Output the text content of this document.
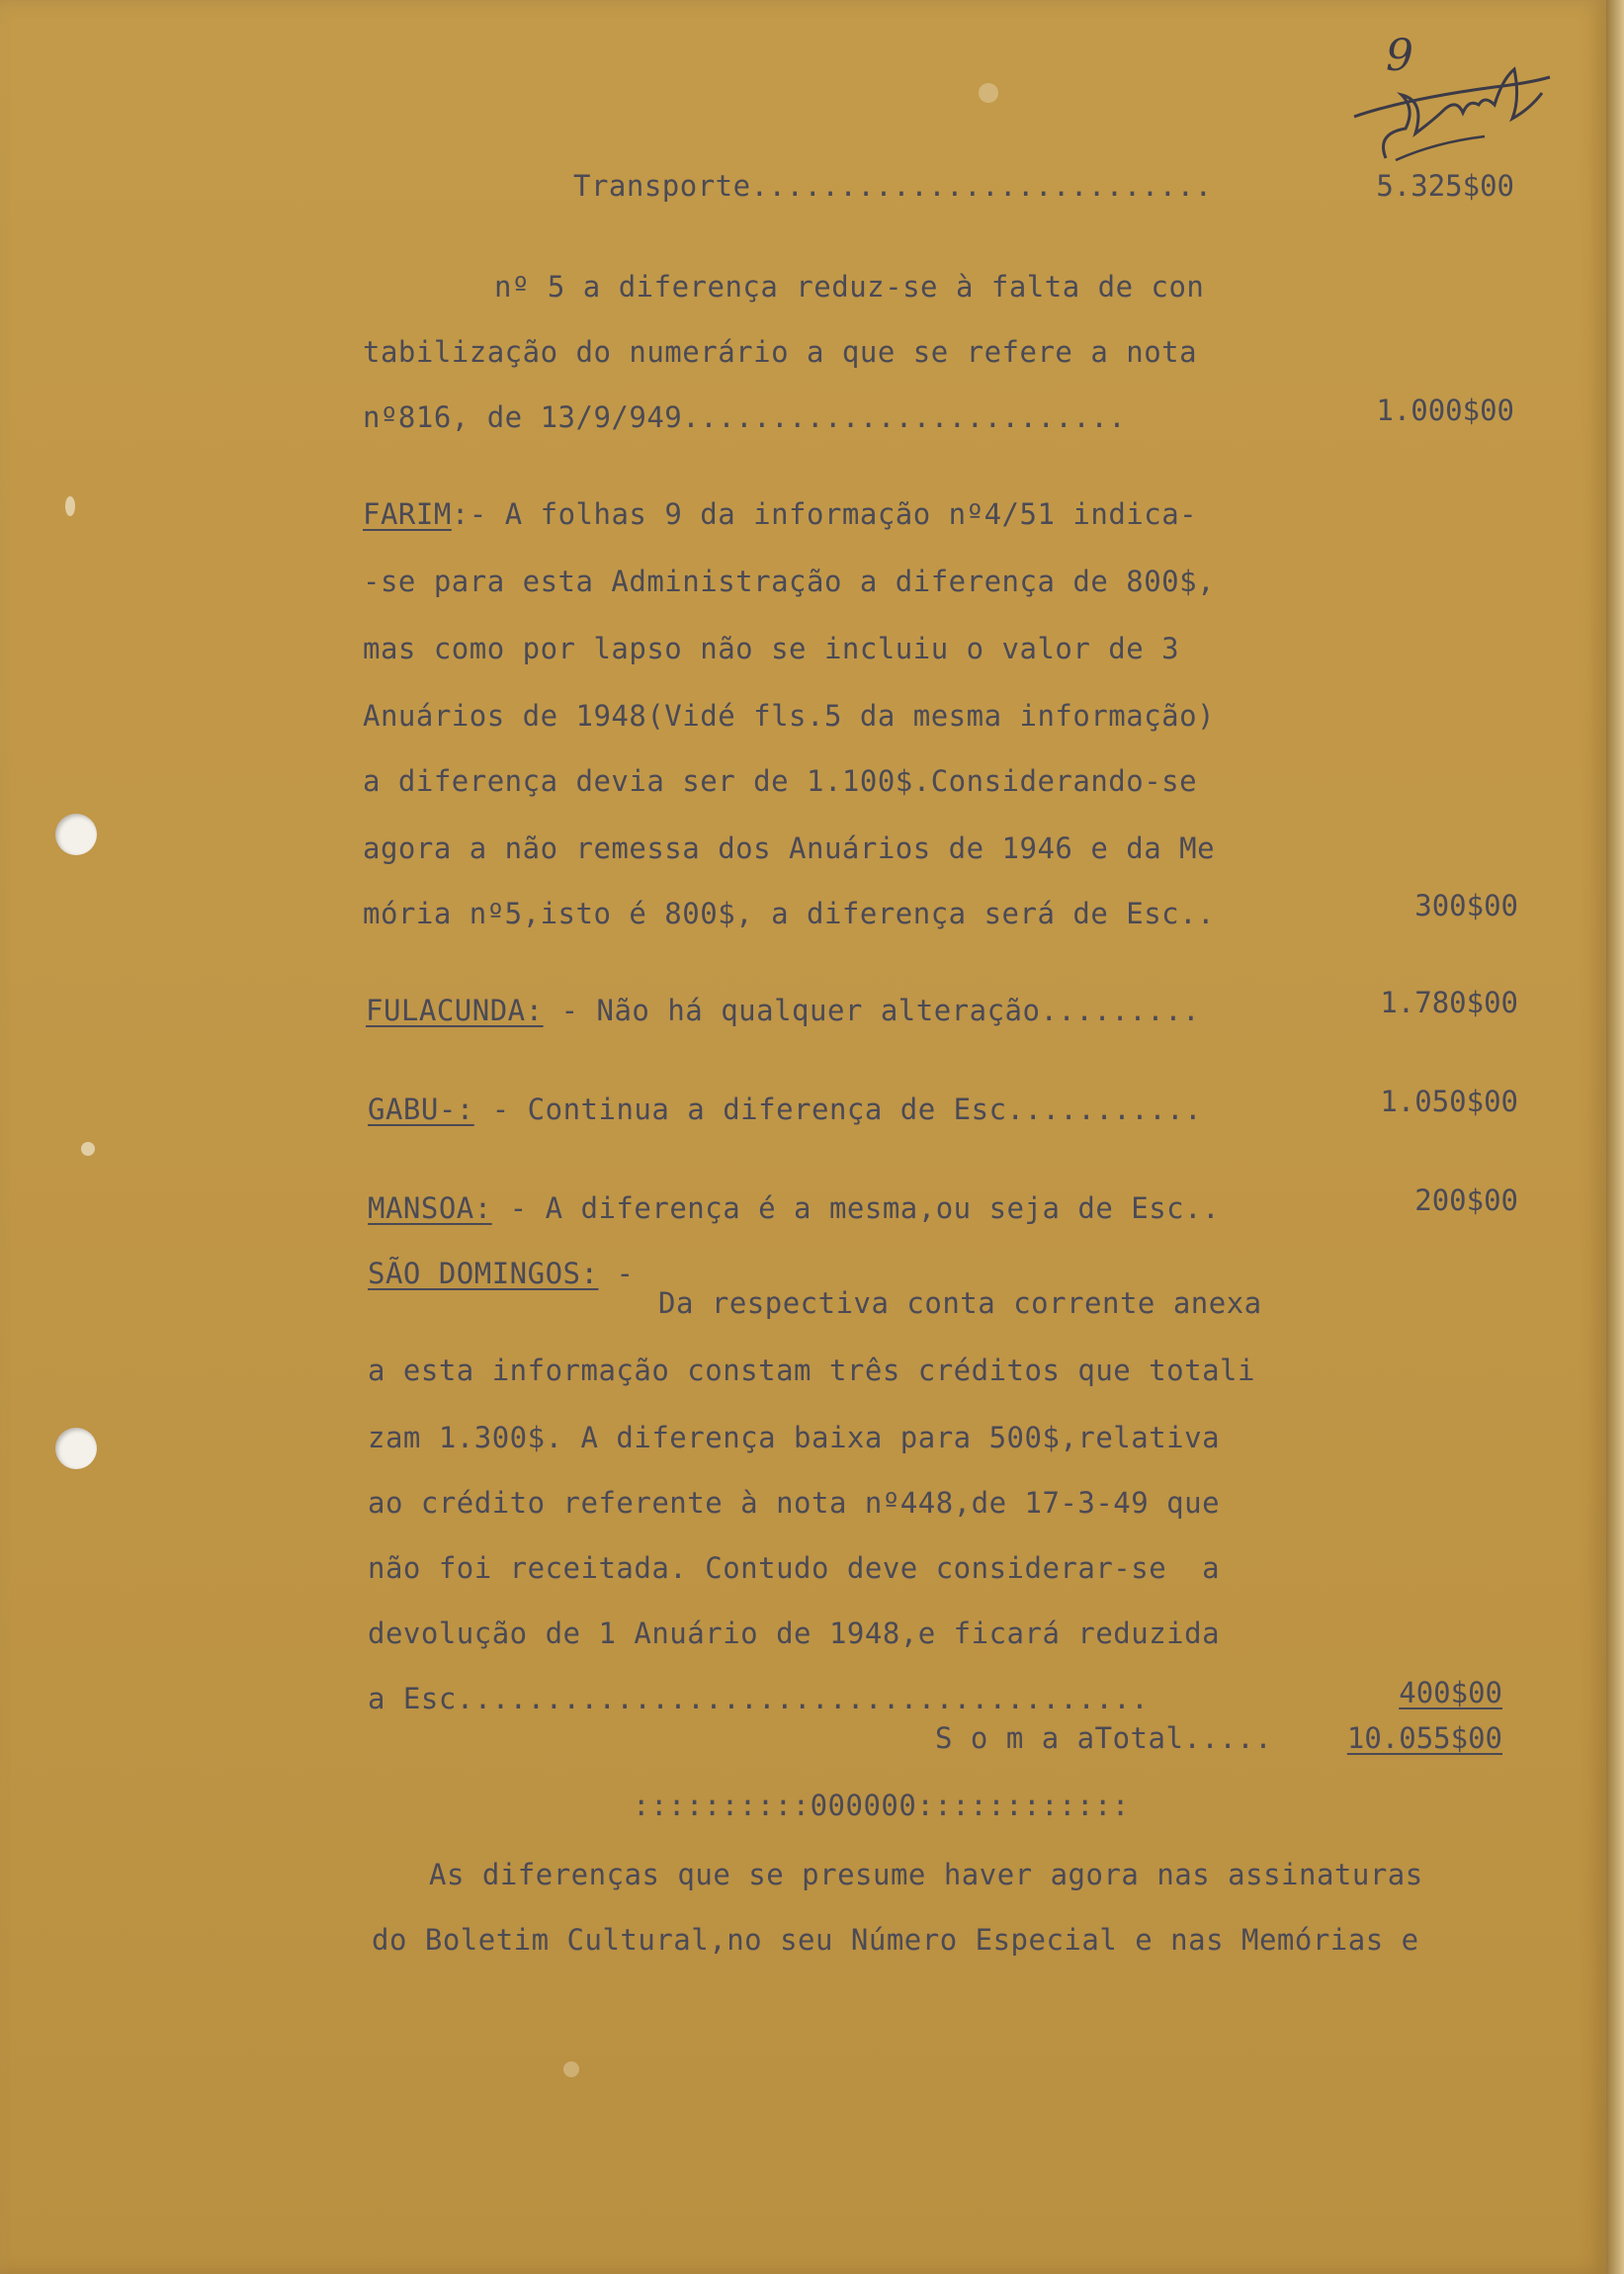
9
Transporte..........................	5.325$00
nº 5 a diferença reduz-se à falta de con
tabilização do numerário a que se refere a nota
nº816, de 13/9/949.........................	1.000$00
FARIM:- A folhas 9 da informação nº4/51 indica-
-se para esta Administração a diferença de 800$,
mas como por lapso não se incluiu o valor de 3
Anuários de 1948(Vidé fls.5 da mesma informação)
a diferença devia ser de 1.100$.Considerando-se
agora a não remessa dos Anuários de 1946 e da Me
mória nº5,isto é 800$, a diferença será de Esc..	300$00
FULACUNDA: - Não há qualquer alteração.........	1.780$00
GABU-: - Continua a diferença de Esc...........	1.050$00
MANSOA: - A diferença é a mesma,ou seja de Esc..	200$00
SÃO DOMINGOS: -
Da respectiva conta corrente anexa
a esta informação constam três créditos que totali
zam 1.300$. A diferença baixa para 500$,relativa
ao crédito referente à nota nº448,de 17-3-49 que
não foi receitada. Contudo deve considerar-se  a
devolução de 1 Anuário de 1948,e ficará reduzida
a Esc.......................................	400$00
S o m a aTotal.....	10.055$00
::::::::::000000::::::::::::
As diferenças que se presume haver agora nas assinaturas
do Boletim Cultural,no seu Número Especial e nas Memórias e
